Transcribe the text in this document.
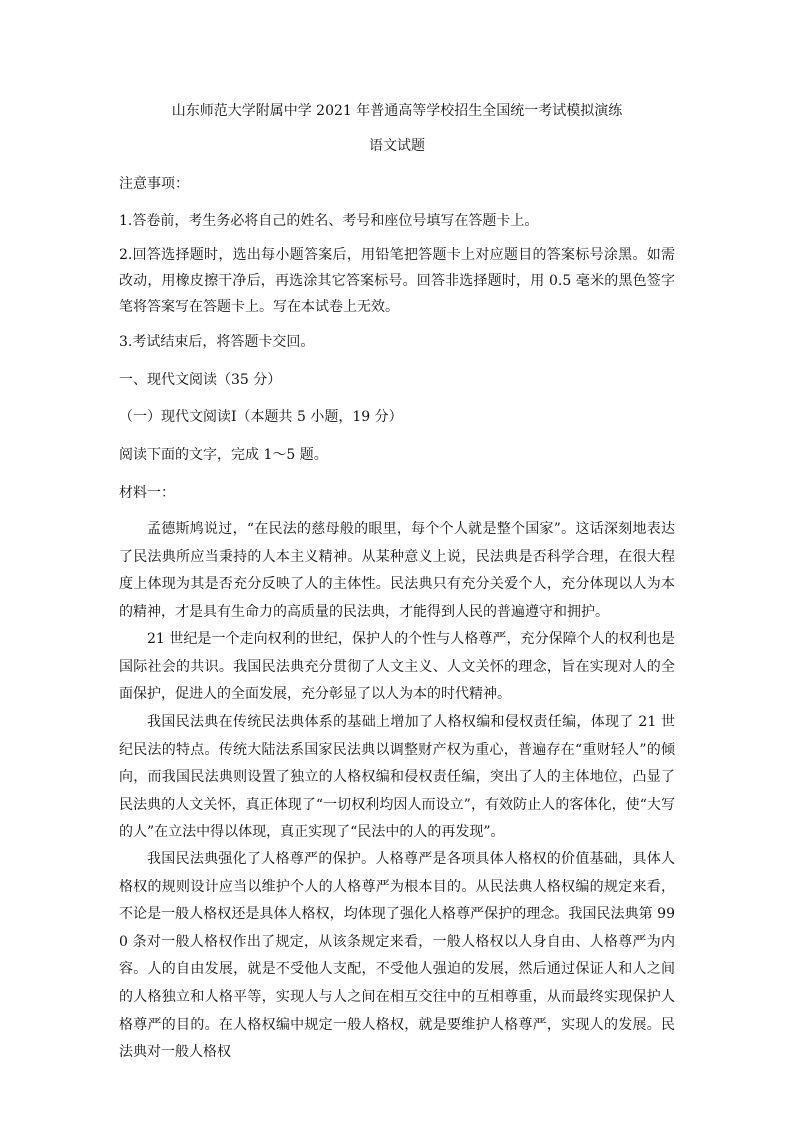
山东师范大学附属中学 2021 年普通高等学校招生全国统一考试模拟演练
语文试题
注意事项：
1.答卷前，考生务必将自己的姓名、考号和座位号填写在答题卡上。
2.回答选择题时，选出每小题答案后，用铅笔把答题卡上对应题目的答案标号涂黑。如需改动，用橡皮擦干净后，再选涂其它答案标号。回答非选择题时，用 0.5 毫米的黑色签字笔将答案写在答题卡上。写在本试卷上无效。
3.考试结束后，将答题卡交回。
一、现代文阅读（35 分）
（一）现代文阅读Ⅰ（本题共 5 小题，19 分）
阅读下面的文字，完成 1～5 题。
材料一：
孟德斯鸠说过，“在民法的慈母般的眼里，每个个人就是整个国家”。这话深刻地表达了民法典所应当秉持的人本主义精神。从某种意义上说，民法典是否科学合理，在很大程度上体现为其是否充分反映了人的主体性。民法典只有充分关爱个人，充分体现以人为本的精神，才是具有生命力的高质量的民法典，才能得到人民的普遍遵守和拥护。
21 世纪是一个走向权利的世纪，保护人的个性与人格尊严，充分保障个人的权利也是国际社会的共识。我国民法典充分贯彻了人文主义、人文关怀的理念，旨在实现对人的全面保护，促进人的全面发展，充分彰显了以人为本的时代精神。
我国民法典在传统民法典体系的基础上增加了人格权编和侵权责任编，体现了 21 世纪民法的特点。传统大陆法系国家民法典以调整财产权为重心，普遍存在“重财轻人”的倾向，而我国民法典则设置了独立的人格权编和侵权责任编，突出了人的主体地位，凸显了民法典的人文关怀，真正体现了“一切权利均因人而设立”，有效防止人的客体化，使“大写的人”在立法中得以体现，真正实现了“民法中的人的再发现”。
我国民法典强化了人格尊严的保护。人格尊严是各项具体人格权的价值基础，具体人格权的规则设计应当以维护个人的人格尊严为根本目的。从民法典人格权编的规定来看，不论是一般人格权还是具体人格权，均体现了强化人格尊严保护的理念。我国民法典第 990 条对一般人格权作出了规定，从该条规定来看，一般人格权以人身自由、人格尊严为内容。人的自由发展，就是不受他人支配，不受他人强迫的发展，然后通过保证人和人之间的人格独立和人格平等，实现人与人之间在相互交往中的互相尊重，从而最终实现保护人格尊严的目的。在人格权编中规定一般人格权，就是要维护人格尊严，实现人的发展。民法典对一般人格权
